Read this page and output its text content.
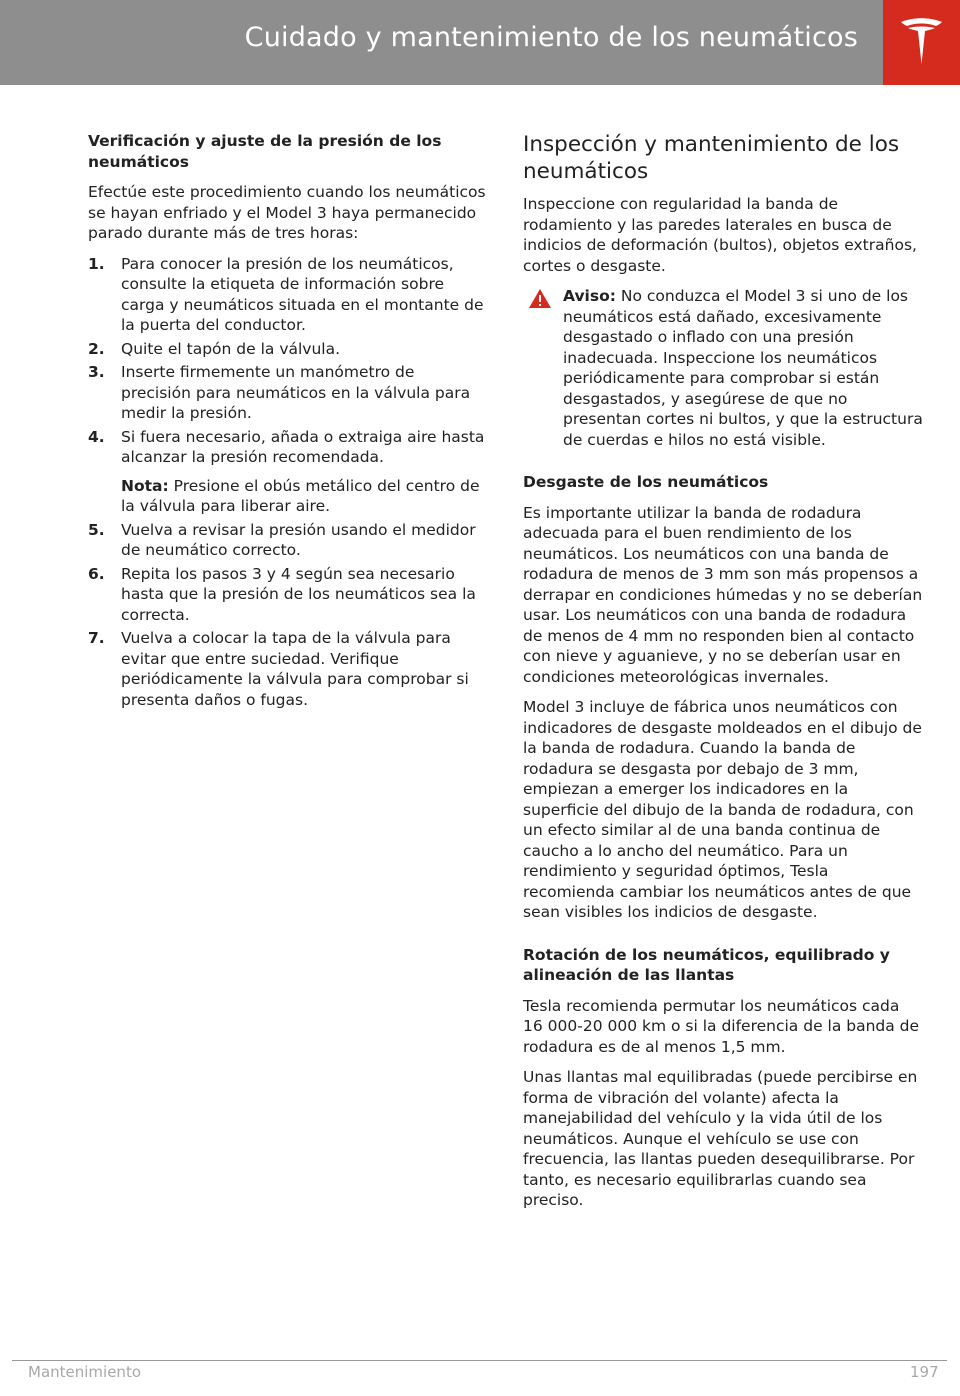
Cuidado y mantenimiento de los neumáticos
Verificación y ajuste de la presión de los neumáticos

Efectúe este procedimiento cuando los neumáticos se hayan enfriado y el Model 3 haya permanecido parado durante más de tres horas:

1. Para conocer la presión de los neumáticos, consulte la etiqueta de información sobre carga y neumáticos situada en el montante de la puerta del conductor.
2. Quite el tapón de la válvula.
3. Inserte firmemente un manómetro de precisión para neumáticos en la válvula para medir la presión.
4. Si fuera necesario, añada o extraiga aire hasta alcanzar la presión recomendada.
Nota: Presione el obús metálico del centro de la válvula para liberar aire.
5. Vuelva a revisar la presión usando el medidor de neumático correcto.
6. Repita los pasos 3 y 4 según sea necesario hasta que la presión de los neumáticos sea la correcta.
7. Vuelva a colocar la tapa de la válvula para evitar que entre suciedad. Verifique periódicamente la válvula para comprobar si presenta daños o fugas.
Inspección y mantenimiento de los neumáticos

Inspeccione con regularidad la banda de rodamiento y las paredes laterales en busca de indicios de deformación (bultos), objetos extraños, cortes o desgaste.

Aviso: No conduzca el Model 3 si uno de los neumáticos está dañado, excesivamente desgastado o inflado con una presión inadecuada. Inspeccione los neumáticos periódicamente para comprobar si están desgastados, y asegúrese de que no presentan cortes ni bultos, y que la estructura de cuerdas e hilos no está visible.
Desgaste de los neumáticos

Es importante utilizar la banda de rodadura adecuada para el buen rendimiento de los neumáticos. Los neumáticos con una banda de rodadura de menos de 3 mm son más propensos a derrapar en condiciones húmedas y no se deberían usar. Los neumáticos con una banda de rodadura de menos de 4 mm no responden bien al contacto con nieve y aguanieve, y no se deberían usar en condiciones meteorológicas invernales.

Model 3 incluye de fábrica unos neumáticos con indicadores de desgaste moldeados en el dibujo de la banda de rodadura. Cuando la banda de rodadura se desgasta por debajo de 3 mm, empiezan a emerger los indicadores en la superficie del dibujo de la banda de rodadura, con un efecto similar al de una banda continua de caucho a lo ancho del neumático. Para un rendimiento y seguridad óptimos, Tesla recomienda cambiar los neumáticos antes de que sean visibles los indicios de desgaste.

Rotación de los neumáticos, equilibrado y alineación de las llantas

Tesla recomienda permutar los neumáticos cada 16 000-20 000 km o si la diferencia de la banda de rodadura es de al menos 1,5 mm.

Unas llantas mal equilibradas (puede percibirse en forma de vibración del volante) afecta la manejabilidad del vehículo y la vida útil de los neumáticos. Aunque el vehículo se use con frecuencia, las llantas pueden desequilibrarse. Por tanto, es necesario equilibrarlas cuando sea preciso.

Mantenimiento	197
